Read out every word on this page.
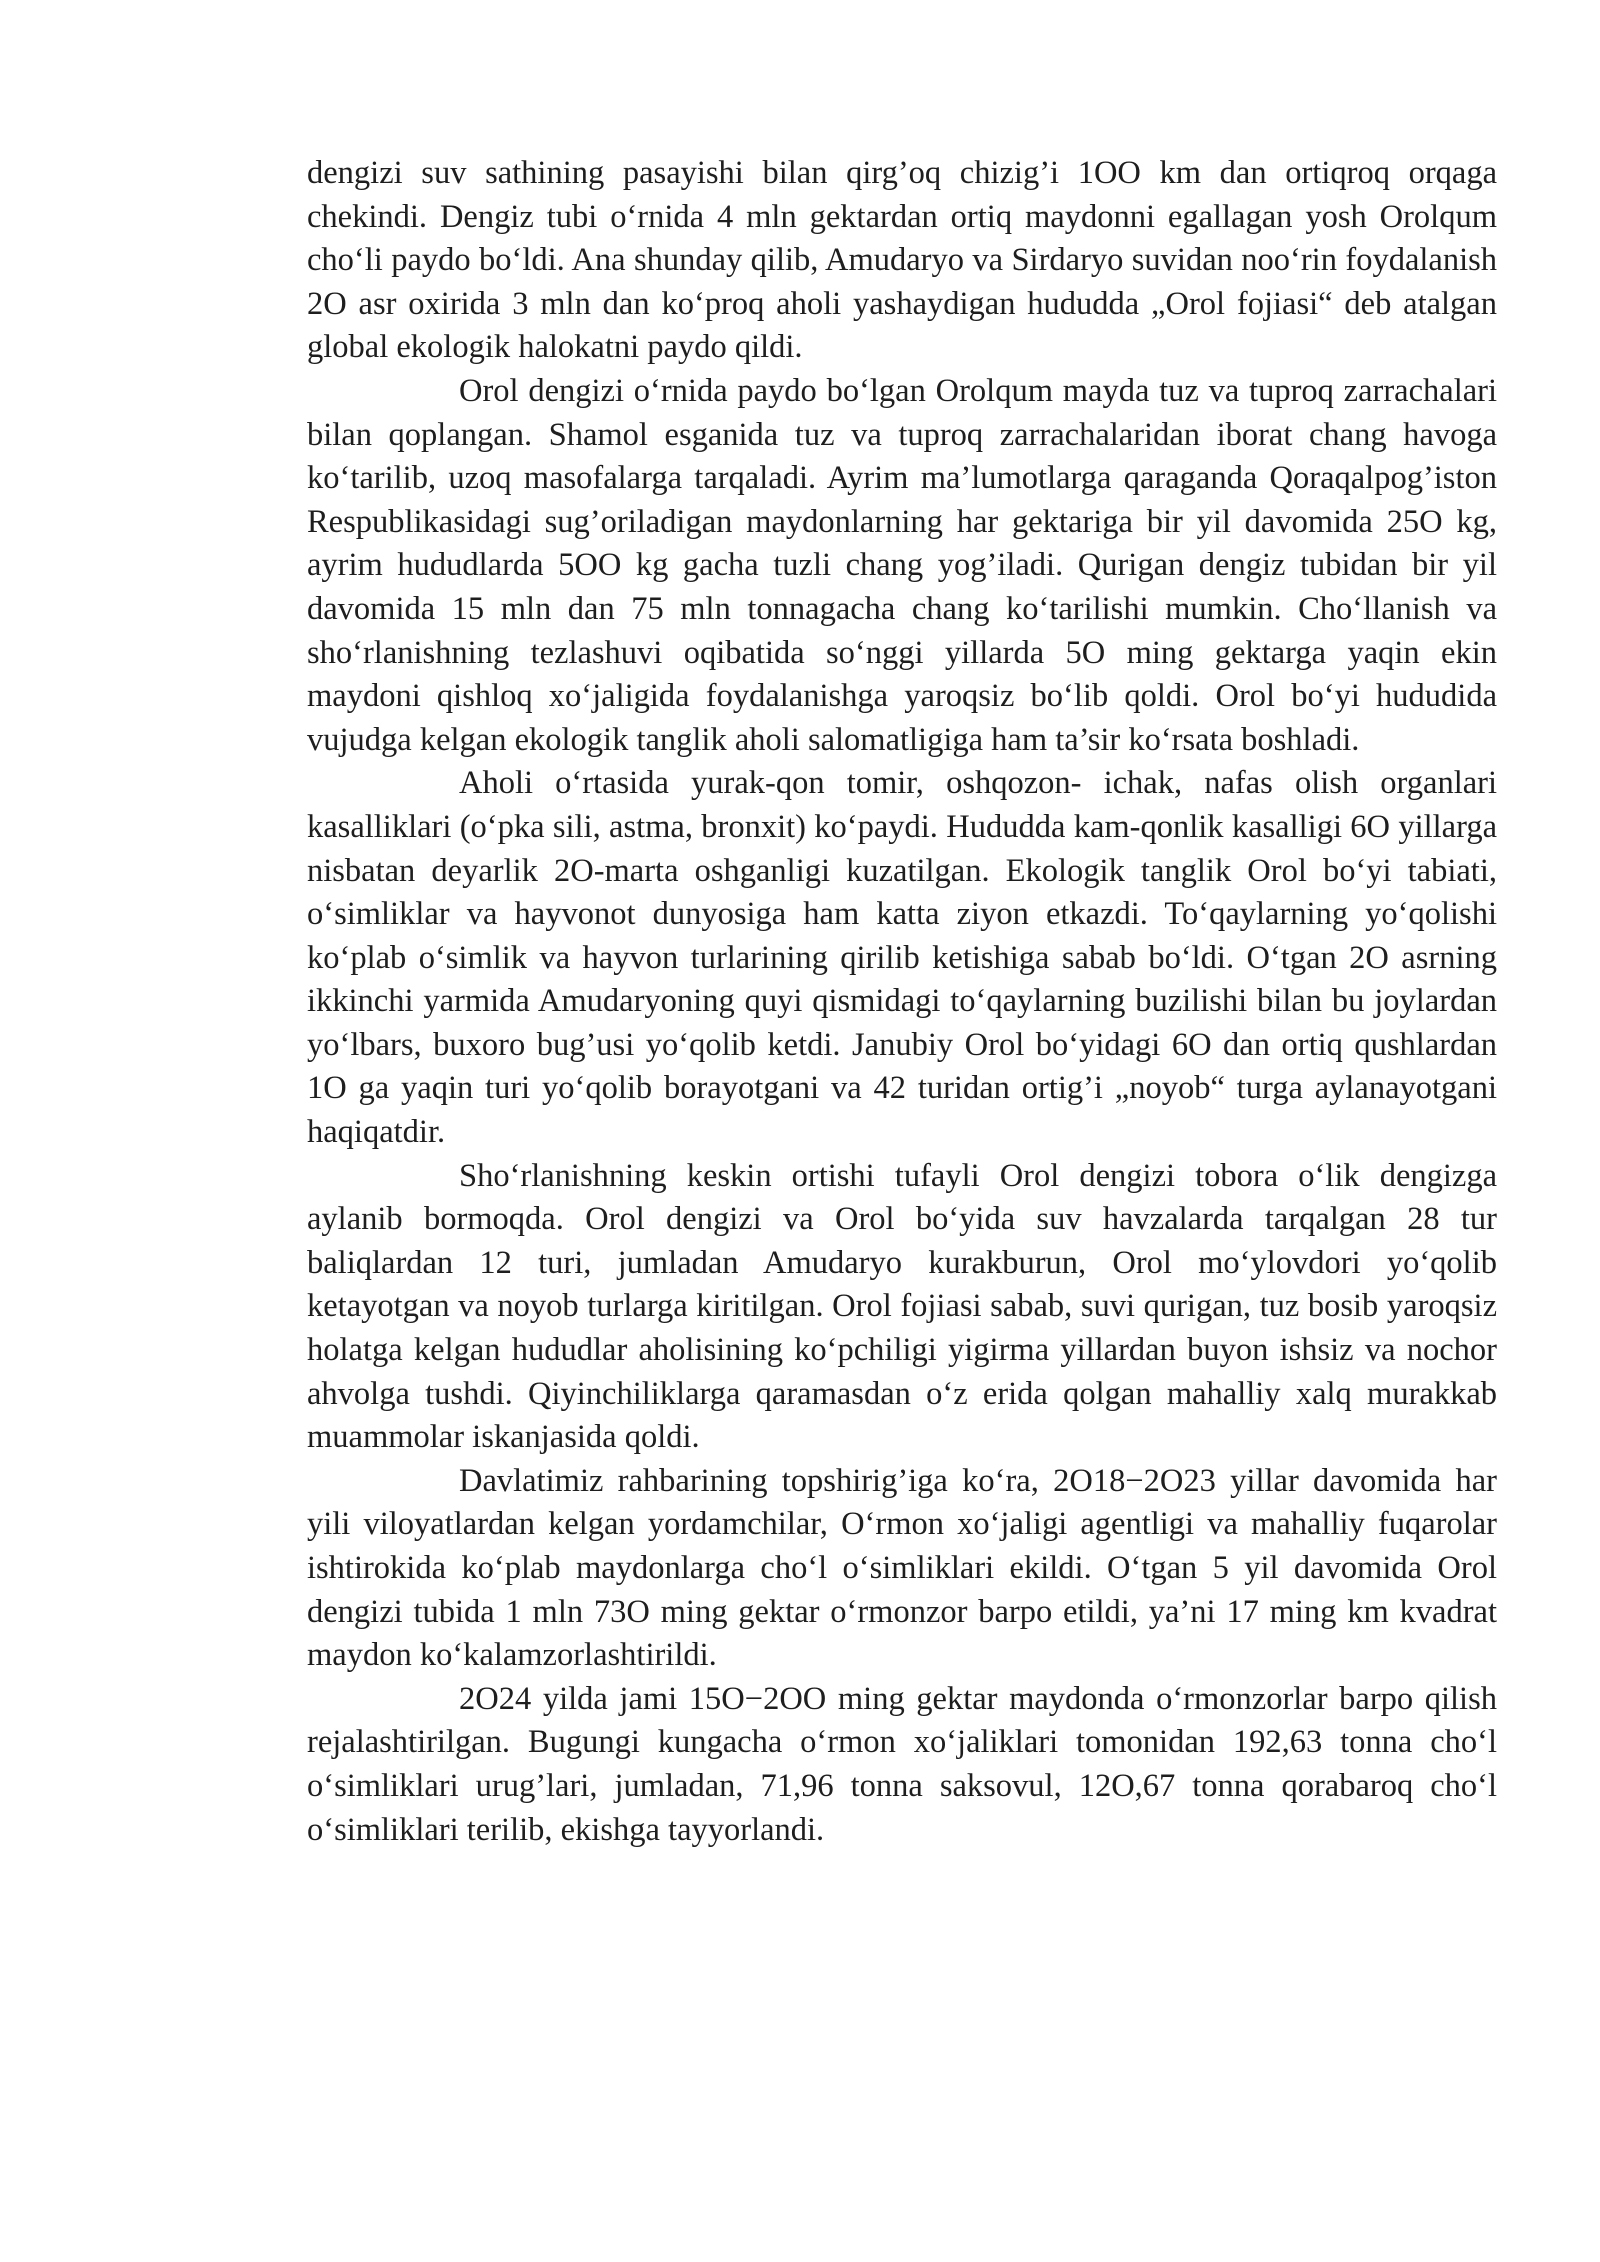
dengizi suv sathining pasayishi bilan qirg’oq chizig’i 1OO km dan ortiqroq orqaga chekindi. Dengiz tubi o‘rnida 4 mln gektardan ortiq maydonni egallagan yosh Orolqum cho‘li paydo bo‘ldi. Ana shunday qilib, Amudaryo va Sirdaryo suvidan noo‘rin foydalanish 2O asr oxirida 3 mln dan ko‘proq aholi yashaydigan hududda „Orol fojiasi“ deb atalgan global ekologik halokatni paydo qildi.

Orol dengizi o‘rnida paydo bo‘lgan Orolqum mayda tuz va tuproq zarrachalari bilan qoplangan. Shamol esganida tuz va tuproq zarrachalaridan iborat chang havoga ko‘tarilib, uzoq masofalarga tarqaladi. Ayrim ma’lumotlarga qaraganda Qoraqalpog’iston Respublikasidagi sug’oriladigan maydonlarning har gektariga bir yil davomida 25O kg, ayrim hududlarda 5OO kg gacha tuzli chang yog’iladi. Qurigan dengiz tubidan bir yil davomida 15 mln dan 75 mln tonnagacha chang ko‘tarilishi mumkin. Cho‘llanish va sho‘rlanishning tezlashuvi oqibatida so‘nggi yillarda 5O ming gektarga yaqin ekin maydoni qishloq xo‘jaligida foydalanishga yaroqsiz bo‘lib qoldi. Orol bo‘yi hududida vujudga kelgan ekologik tanglik aholi salomatligiga ham ta’sir ko‘rsata boshladi.

Aholi o‘rtasida yurak-qon tomir, oshqozon- ichak, nafas olish organlari kasalliklari (o‘pka sili, astma, bronxit) ko‘paydi. Hududda kam-qonlik kasalligi 6O yillarga nisbatan deyarlik 2O-marta oshganligi kuzatilgan. Ekologik tanglik Orol bo‘yi tabiati, o‘simliklar va hayvonot dunyosiga ham katta ziyon etkazdi. To‘qaylarning yo‘qolishi ko‘plab o‘simlik va hayvon turlarining qirilib ketishiga sabab bo‘ldi. O‘tgan 2O asrning ikkinchi yarmida Amudaryoning quyi qismidagi to‘qaylarning buzilishi bilan bu joylardan yo‘lbars, buxoro bug’usi yo‘qolib ketdi. Janubiy Orol bo‘yidagi 6O dan ortiq qushlardan 1O ga yaqin turi yo‘qolib borayotgani va 42 turidan ortig’i „noyob“ turga aylanayotgani haqiqatdir.

Sho‘rlanishning keskin ortishi tufayli Orol dengizi tobora o‘lik dengizga aylanib bormoqda. Orol dengizi va Orol bo‘yida suv havzalarda tarqalgan 28 tur baliqlardan 12 turi, jumladan Amudaryo kurakburun, Orol mo‘ylovdori yo‘qolib ketayotgan va noyob turlarga kiritilgan. Orol fojiasi sabab, suvi qurigan, tuz bosib yaroqsiz holatga kelgan hududlar aholisining ko‘pchiligi yigirma yillardan buyon ishsiz va nochor ahvolga tushdi. Qiyinchiliklarga qaramasdan o‘z erida qolgan mahalliy xalq murakkab muammolar iskanjasida qoldi.

Davlatimiz rahbarining topshirig’iga ko‘ra, 2O18−2O23 yillar davomida har yili viloyatlardan kelgan yordamchilar, O‘rmon xo‘jaligi agentligi va mahalliy fuqarolar ishtirokida ko‘plab maydonlarga cho‘l o‘simliklari ekildi. O‘tgan 5 yil davomida Orol dengizi tubida 1 mln 73O ming gektar o‘rmonzor barpo etildi, ya’ni 17 ming km kvadrat maydon ko‘kalamzorlashtirildi.

2O24 yilda jami 15O−2OO ming gektar maydonda o‘rmonzorlar barpo qilish rejalashtirilgan. Bugungi kungacha o‘rmon xo‘jaliklari tomonidan 192,63 tonna cho‘l o‘simliklari urug’lari, jumladan, 71,96 tonna saksovul, 12O,67 tonna qorabaroq cho‘l o‘simliklari terilib, ekishga tayyorlandi.
